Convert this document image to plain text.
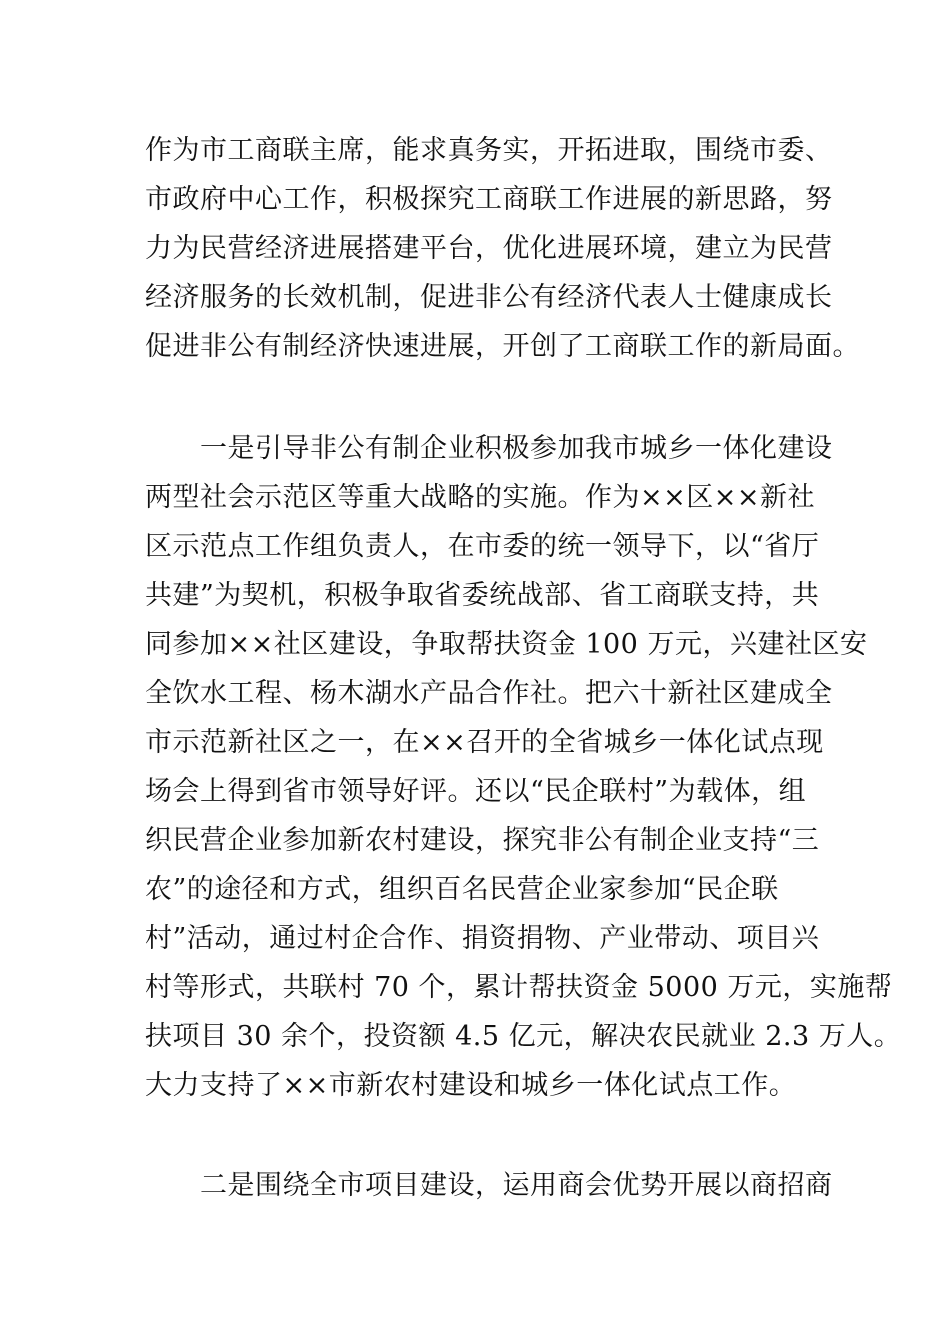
作为市工商联主席，能求真务实，开拓进取，围绕市委、

市政府中心工作，积极探究工商联工作进展的新思路，努

力为民营经济进展搭建平台，优化进展环境，建立为民营

经济服务的长效机制，促进非公有经济代表人士健康成长

促进非公有制经济快速进展，开创了工商联工作的新局面。

一是引导非公有制企业积极参加我市城乡一体化建设

两型社会示范区等重大战略的实施。作为××区××新社

区示范点工作组负责人，在市委的统一领导下，以“省厅

共建”为契机，积极争取省委统战部、省工商联支持，共

同参加××社区建设，争取帮扶资金 100 万元，兴建社区安

全饮水工程、杨木湖水产品合作社。把六十新社区建成全

市示范新社区之一，在××召开的全省城乡一体化试点现

场会上得到省市领导好评。还以“民企联村”为载体，组

织民营企业参加新农村建设，探究非公有制企业支持“三

农”的途径和方式，组织百名民营企业家参加“民企联

村”活动，通过村企合作、捐资捐物、产业带动、项目兴

村等形式，共联村 70 个，累计帮扶资金 5000 万元，实施帮

扶项目 30 余个，投资额 4.5 亿元，解决农民就业 2.3 万人。

大力支持了××市新农村建设和城乡一体化试点工作。

二是围绕全市项目建设，运用商会优势开展以商招商
